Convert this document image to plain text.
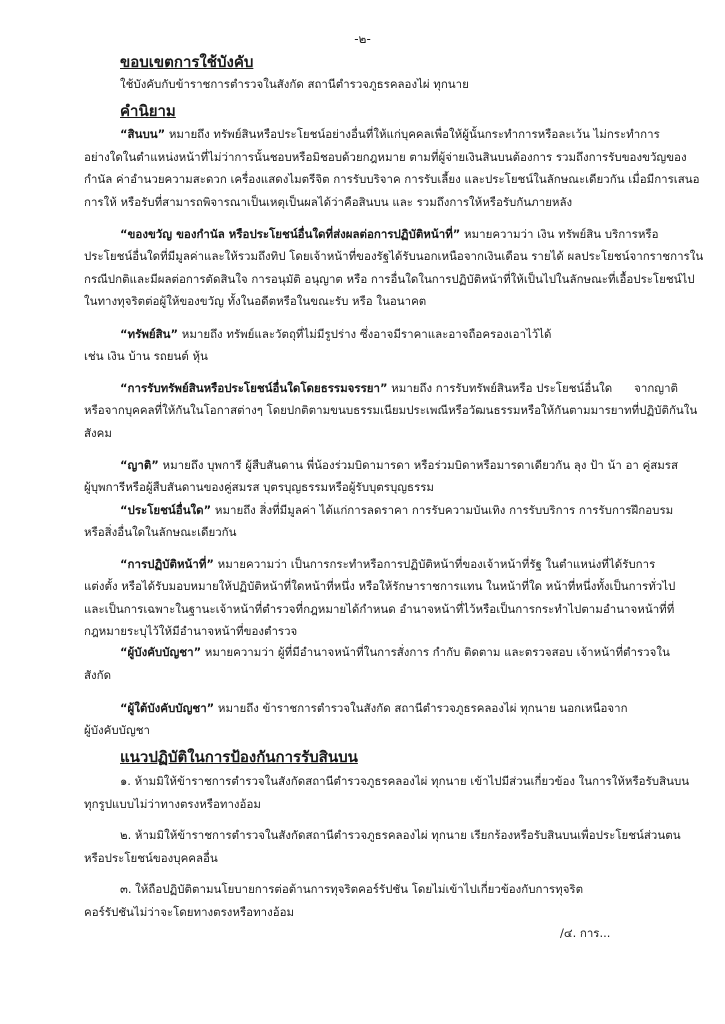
-๒-
ขอบเขตการใช้บังคับ
ใช้บังคับกับข้าราชการตำรวจในสังกัด สถานีตำรวจภูธรคลองไผ่ ทุกนาย
คำนิยาม
“สินบน” หมายถึง ทรัพย์สินหรือประโยชน์อย่างอื่นที่ให้แก่บุคคลเพื่อให้ผู้นั้นกระทำการหรือละเว้น ไม่กระทำการ
อย่างใดในตำแหน่งหน้าที่ไม่ว่าการนั้นชอบหรือมิชอบด้วยกฎหมาย ตามที่ผู้จ่ายเงินสินบนต้องการ รวมถึงการรับของขวัญของ
กำนัล ค่าอำนวยความสะดวก เครื่องแสดงไมตรีจิต การรับบริจาค การรับเลี้ยง และประโยชน์ในลักษณะเดียวกัน เมื่อมีการเสนอ
การให้ หรือรับที่สามารถพิจารณาเป็นเหตุเป็นผลได้ว่าคือสินบน และ รวมถึงการให้หรือรับกันภายหลัง
“ของขวัญ ของกำนัล หรือประโยชน์อื่นใดที่ส่งผลต่อการปฏิบัติหน้าที่” หมายความว่า เงิน ทรัพย์สิน บริการหรือ
ประโยชน์อื่นใดที่มีมูลค่าและให้รวมถึงทิป โดยเจ้าหน้าที่ของรัฐได้รับนอกเหนือจากเงินเดือน รายได้ ผลประโยชน์จากราชการใน
กรณีปกติและมีผลต่อการตัดสินใจ การอนุมัติ อนุญาต หรือ การอื่นใดในการปฏิบัติหน้าที่ให้เป็นไปในลักษณะที่เอื้อประโยชน์ไป
ในทางทุจริตต่อผู้ให้ของขวัญ ทั้งในอดีตหรือในขณะรับ หรือ ในอนาคต
“ทรัพย์สิน” หมายถึง ทรัพย์และวัตถุที่ไม่มีรูปร่าง ซึ่งอาจมีราคาและอาจถือครองเอาไว้ได้
เช่น เงิน บ้าน รถยนต์ หุ้น
“การรับทรัพย์สินหรือประโยชน์อื่นใดโดยธรรมจรรยา” หมายถึง การรับทรัพย์สินหรือ ประโยชน์อื่นใด      จากญาติ
หรือจากบุคคลที่ให้กันในโอกาสต่างๆ โดยปกติตามขนบธรรมเนียมประเพณีหรือวัฒนธรรมหรือให้กันตามมารยาทที่ปฏิบัติกันใน
สังคม
“ญาติ” หมายถึง บุพการี ผู้สืบสันดาน พี่น้องร่วมบิดามารดา หรือร่วมบิดาหรือมารดาเดียวกัน ลุง ป้า น้า อา คู่สมรส
ผู้บุพการีหรือผู้สืบสันดานของคู่สมรส บุตรบุญธรรมหรือผู้รับบุตรบุญธรรม
“ประโยชน์อื่นใด” หมายถึง สิ่งที่มีมูลค่า ได้แก่การลดราคา การรับความบันเทิง การรับบริการ การรับการฝึกอบรม
หรือสิ่งอื่นใดในลักษณะเดียวกัน
“การปฏิบัติหน้าที่” หมายความว่า เป็นการกระทำหรือการปฏิบัติหน้าที่ของเจ้าหน้าที่รัฐ ในตำแหน่งที่ได้รับการ
แต่งตั้ง หรือได้รับมอบหมายให้ปฏิบัติหน้าที่ใดหน้าที่หนึ่ง หรือให้รักษาราชการแทน ในหน้าที่ใด หน้าที่หนึ่งทั้งเป็นการทั่วไป
และเป็นการเฉพาะในฐานะเจ้าหน้าที่ตำรวจที่กฎหมายได้กำหนด อำนาจหน้าที่ไว้หรือเป็นการกระทำไปตามอำนาจหน้าที่ที่
กฎหมายระบุไว้ให้มีอำนาจหน้าที่ของตำรวจ
“ผู้บังคับบัญชา” หมายความว่า ผู้ที่มีอำนาจหน้าที่ในการสั่งการ กำกับ ติดตาม และตรวจสอบ เจ้าหน้าที่ตำรวจใน
สังกัด
“ผู้ใต้บังคับบัญชา” หมายถึง ข้าราชการตำรวจในสังกัด สถานีตำรวจภูธรคลองไผ่ ทุกนาย นอกเหนือจาก
ผู้บังคับบัญชา
แนวปฏิบัติในการป้องกันการรับสินบน
๑. ห้ามมิให้ข้าราชการตำรวจในสังกัดสถานีตำรวจภูธรคลองไผ่ ทุกนาย เข้าไปมีส่วนเกี่ยวข้อง ในการให้หรือรับสินบน
ทุกรูปแบบไม่ว่าทางตรงหรือทางอ้อม
๒. ห้ามมิให้ข้าราชการตำรวจในสังกัดสถานีตำรวจภูธรคลองไผ่ ทุกนาย เรียกร้องหรือรับสินบนเพื่อประโยชน์ส่วนตน
หรือประโยชน์ของบุคคลอื่น
๓. ให้ถือปฏิบัติตามนโยบายการต่อต้านการทุจริตคอร์รัปชัน โดยไม่เข้าไปเกี่ยวข้องกับการทุจริต
คอร์รัปชันไม่ว่าจะโดยทางตรงหรือทางอ้อม
/๔. การ...
